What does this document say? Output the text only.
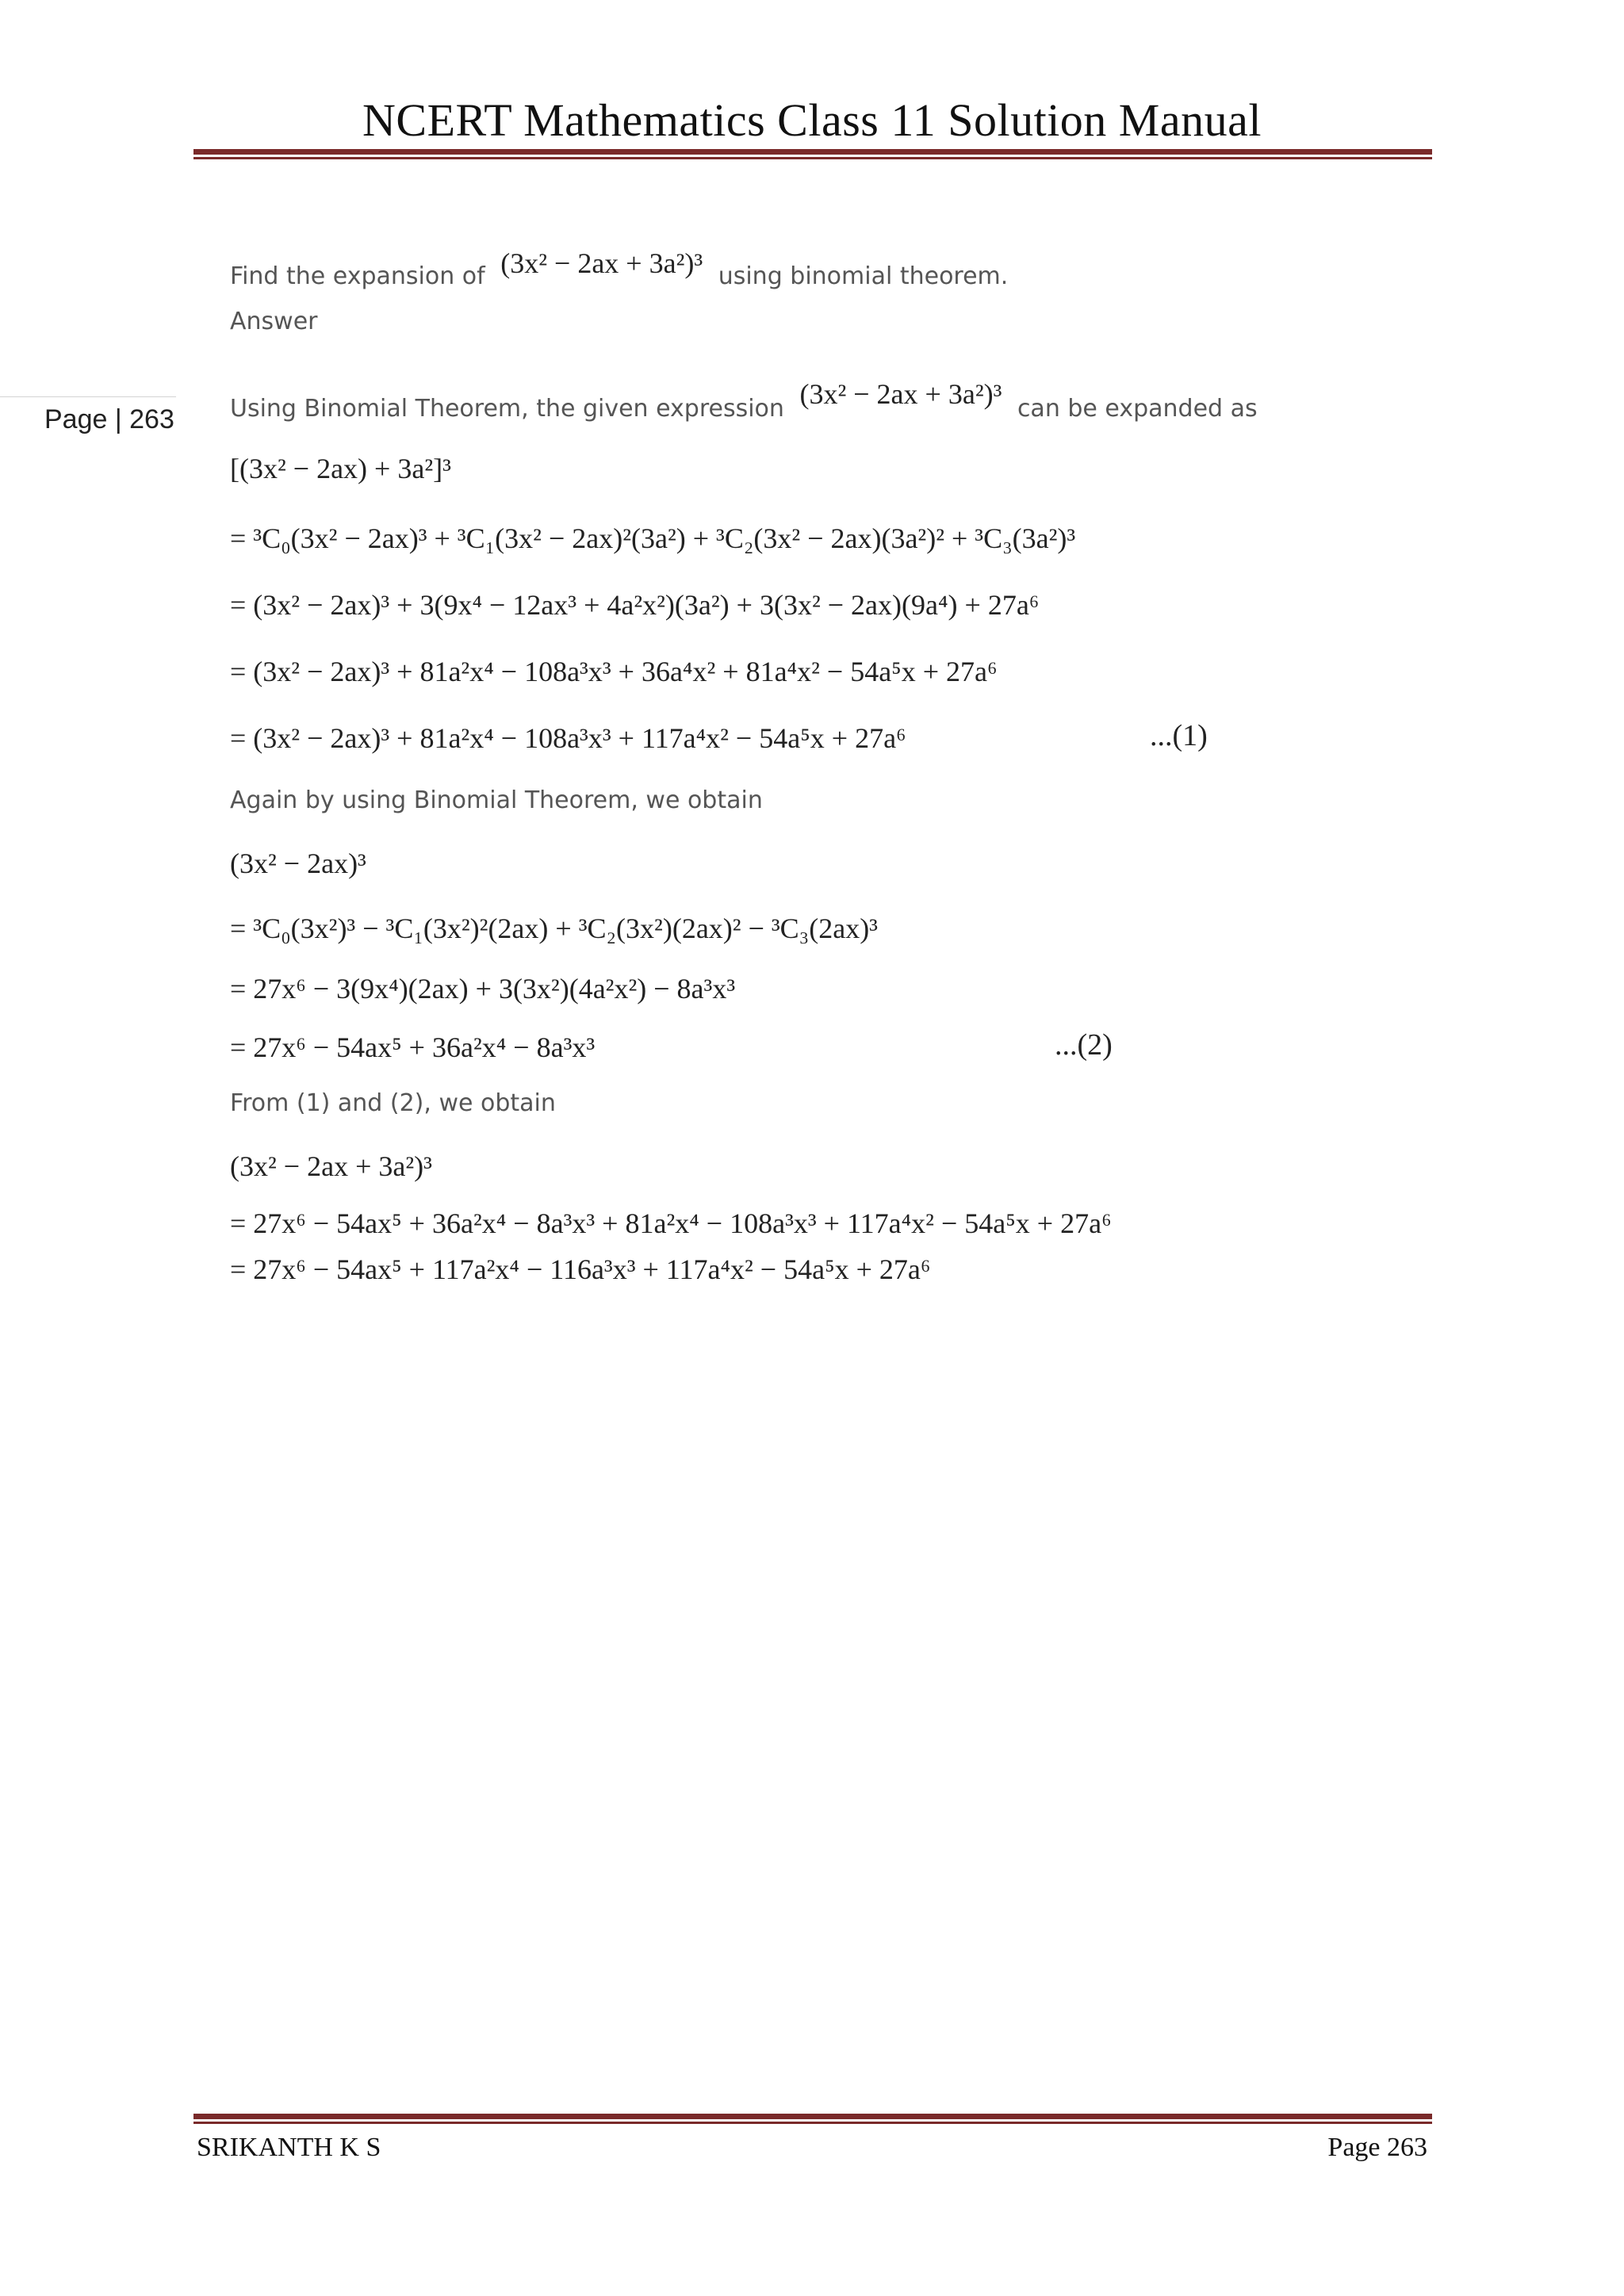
NCERT Mathematics Class 11 Solution Manual
Page | 263
Find the expansion of (3x² − 2ax + 3a²)³ using binomial theorem.
Answer
Using Binomial Theorem, the given expression (3x² − 2ax + 3a²)³ can be expanded as
[(3x² − 2ax) + 3a²]³
= ³C₀(3x² − 2ax)³ + ³C₁(3x² − 2ax)²(3a²) + ³C₂(3x² − 2ax)(3a²)² + ³C₃(3a²)³
= (3x² − 2ax)³ + 3(9x⁴ − 12ax³ + 4a²x²)(3a²) + 3(3x² − 2ax)(9a⁴) + 27a⁶
= (3x² − 2ax)³ + 81a²x⁴ − 108a³x³ + 36a⁴x² + 81a⁴x² − 54a⁵x + 27a⁶
= (3x² − 2ax)³ + 81a²x⁴ − 108a³x³ + 117a⁴x² − 54a⁵x + 27a⁶	...(1)
Again by using Binomial Theorem, we obtain
(3x² − 2ax)³
= ³C₀(3x²)³ − ³C₁(3x²)²(2ax) + ³C₂(3x²)(2ax)² − ³C₃(2ax)³
= 27x⁶ − 3(9x⁴)(2ax) + 3(3x²)(4a²x²) − 8a³x³
= 27x⁶ − 54ax⁵ + 36a²x⁴ − 8a³x³	...(2)
From (1) and (2), we obtain
(3x² − 2ax + 3a²)³
= 27x⁶ − 54ax⁵ + 36a²x⁴ − 8a³x³ + 81a²x⁴ − 108a³x³ + 117a⁴x² − 54a⁵x + 27a⁶
= 27x⁶ − 54ax⁵ + 117a²x⁴ − 116a³x³ + 117a⁴x² − 54a⁵x + 27a⁶
SRIKANTH K S	Page 263
